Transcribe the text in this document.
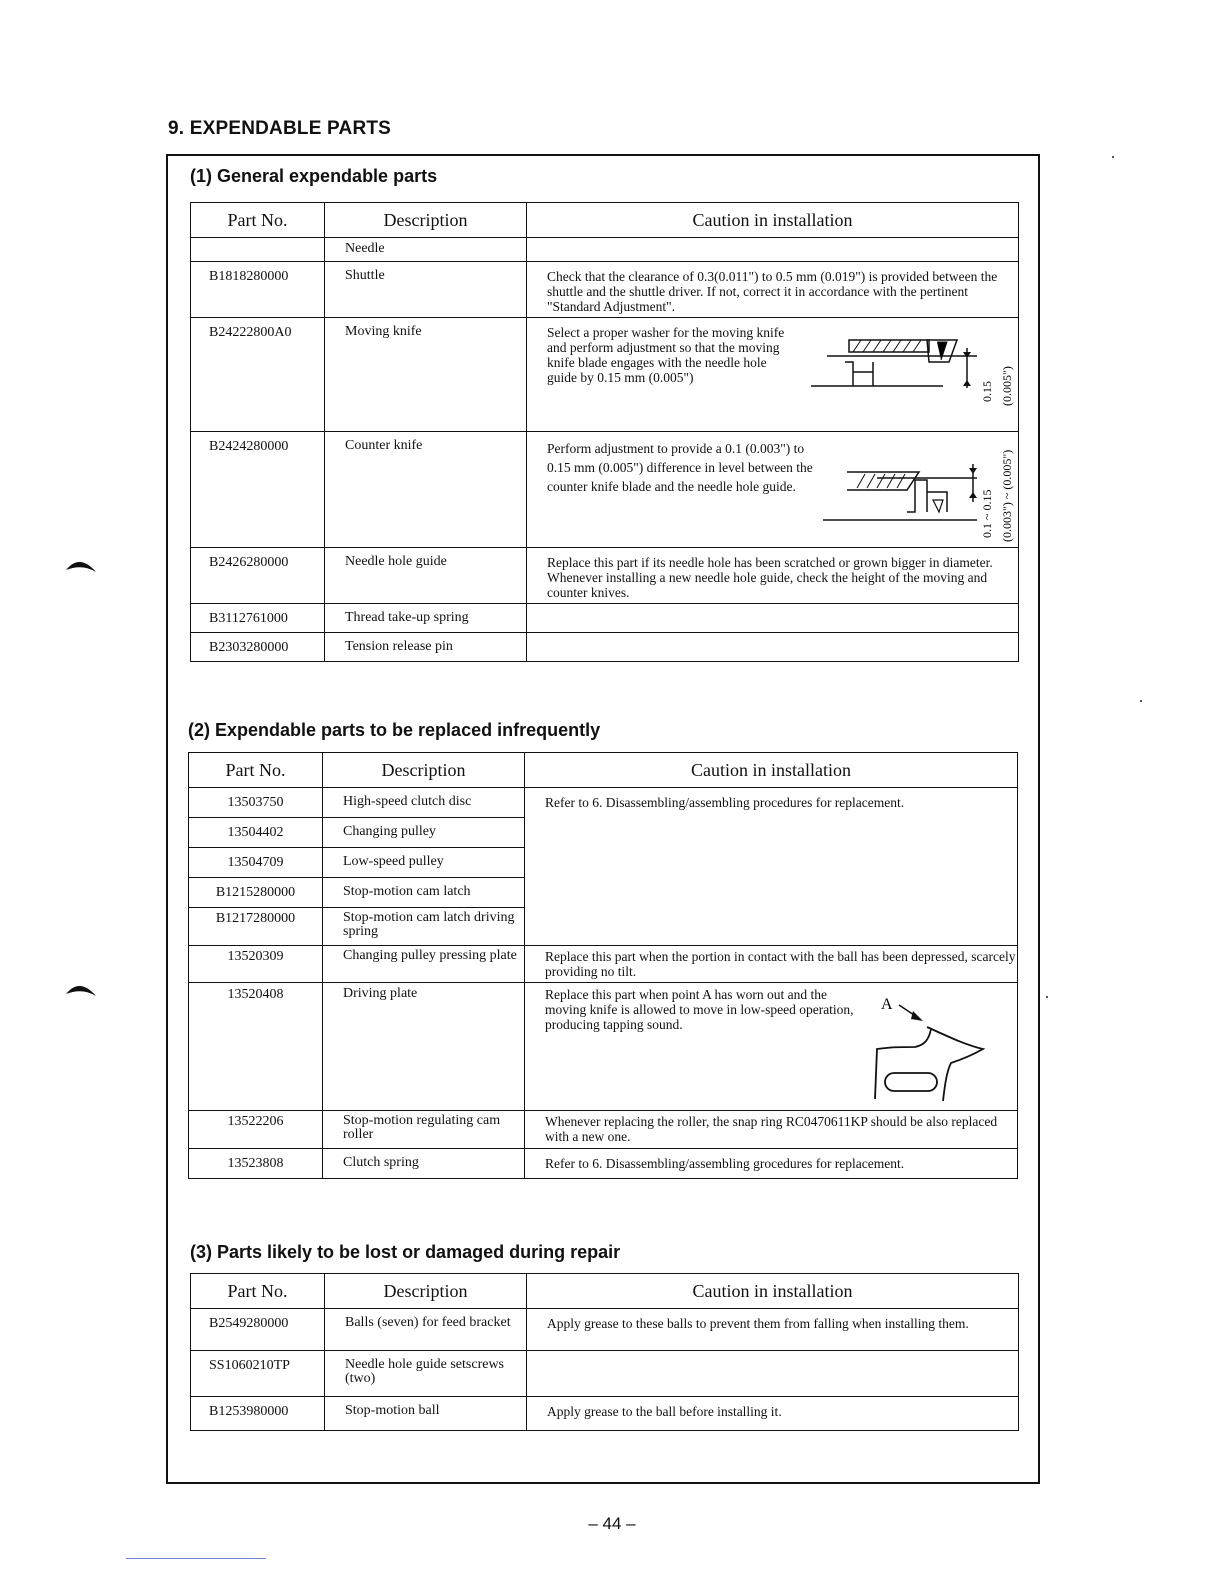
9. EXPENDABLE PARTS
(1) General expendable parts
Part No.	Description	Caution in installation
	Needle	
B1818280000	Shuttle	Check that the clearance of 0.3(0.011") to 0.5 mm (0.019") is provided between the shuttle and the shuttle driver. If not, correct it in accordance with the pertinent "Standard Adjustment".

B24222800A0	Moving knife	Select a proper washer for the moving knife and perform adjustment so that the moving knife blade engages with the needle hole guide by 0.15 mm (0.005")
0.15 (0.005")

B2424280000	Counter knife	Perform adjustment to provide a 0.1 (0.003") to 0.15 mm (0.005") difference in level between the counter knife blade and the needle hole guide.
0.1 ~ 0.15 (0.003") ~ (0.005")

B2426280000	Needle hole guide	Replace this part if its needle hole has been scratched or grown bigger in diameter. Whenever installing a new needle hole guide, check the height of the moving and counter knives.

B3112761000	Thread take-up spring	
B2303280000	Tension release pin	
(2) Expendable parts to be replaced infrequently
Part No.	Description	Caution in installation
13503750	High-speed clutch disc	Refer to 6. Disassembling/assembling procedures for replacement.

13504402	Changing pulley	
13504709	Low-speed pulley	
B1215280000	Stop-motion cam latch	
B1217280000	Stop-motion cam latch driving spring	
13520309	Changing pulley pressing plate	Replace this part when the portion in contact with the ball has been depressed, scarcely providing no tilt.

13520408	Driving plate	Replace this part when point A has worn out and the moving knife is allowed to move in low-speed operation, producing tapping sound.
A

13522206	Stop-motion regulating cam roller	Whenever replacing the roller, the snap ring RC0470611KP should be also replaced with a new one.

13523808	Clutch spring	Refer to 6. Disassembling/assembling grocedures for replacement.
(3) Parts likely to be lost or damaged during repair
Part No.	Description	Caution in installation
B2549280000	Balls (seven) for feed bracket	Apply grease to these balls to prevent them from falling when installing them.

SS1060210TP	Needle hole guide setscrews (two)	
B1253980000	Stop-motion ball	Apply grease to the ball before installing it.
– 44 –
